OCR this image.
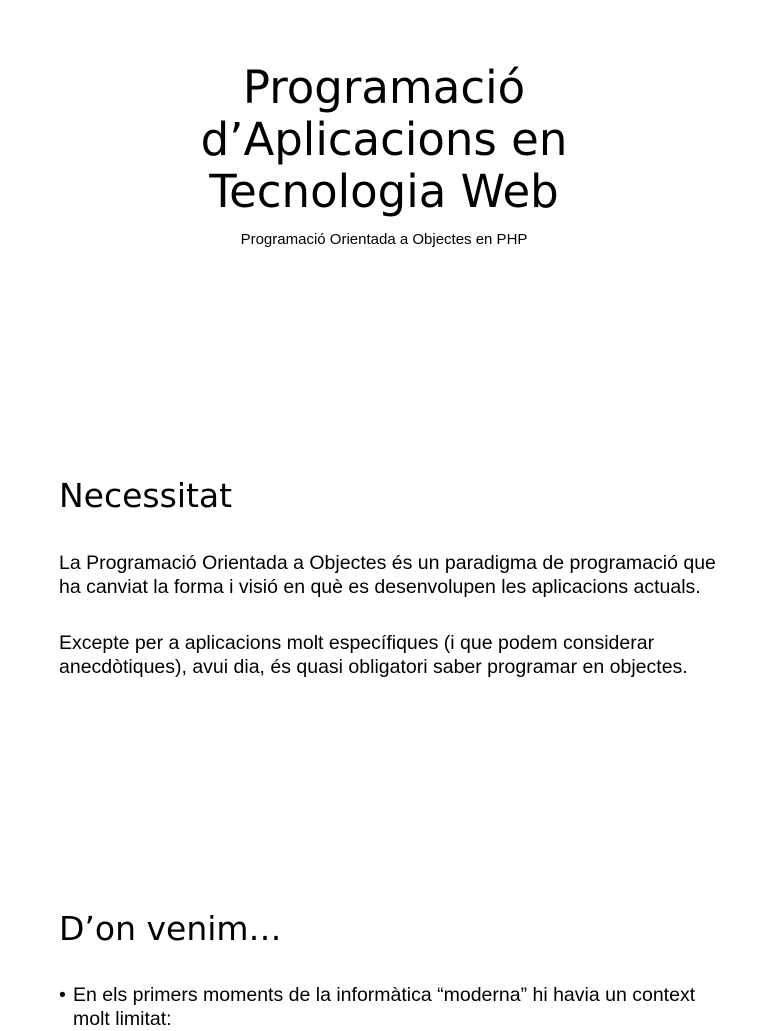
Programació
d’Aplicacions en
Tecnologia Web

Programació Orientada a Objectes en PHP

Necessitat

La Programació Orientada a Objectes és un paradigma de programació que ha canviat la forma i visió en què es desenvolupen les aplicacions actuals.

Excepte per a aplicacions molt específiques (i que podem considerar anecdòtiques), avui dia, és quasi obligatori saber programar en objectes.

D’on venim…
• En els primers moments de la informàtica “moderna” hi havia un context molt limitat:
